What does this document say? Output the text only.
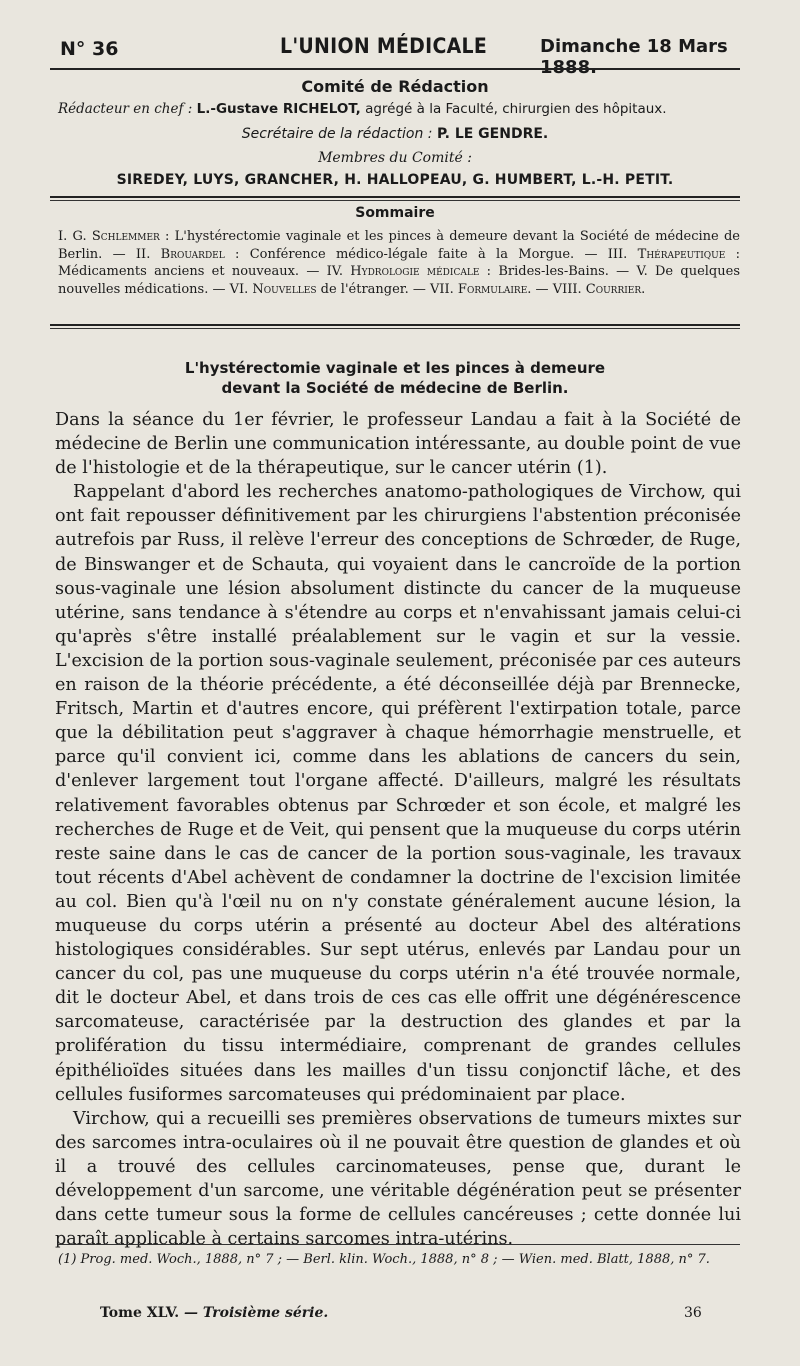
N° 36	L'UNION MÉDICALE	Dimanche 18 Mars 1888.
Comité de Rédaction
Rédacteur en chef : L.-Gustave RICHELOT, agrégé à la Faculté, chirurgien des hôpitaux.
Secrétaire de la rédaction : P. LE GENDRE.
Membres du Comité :
SIREDEY, LUYS, GRANCHER, H. HALLOPEAU, G. HUMBERT, L.-H. PETIT.
Sommaire
I. G. Schlemmer : L'hystérectomie vaginale et les pinces à demeure devant la Société de médecine de Berlin. — II. Brouardel : Conférence médico-légale faite à la Morgue. — III. Thérapeutique : Médicaments anciens et nouveaux. — IV. Hydrologie médicale : Brides-les-Bains. — V. De quelques nouvelles médications. — VI. Nouvelles de l'étranger. — VII. Formulaire. — VIII. Courrier.
L'hystérectomie vaginale et les pinces à demeure
devant la Société de médecine de Berlin.

Dans la séance du 1er février, le professeur Landau a fait à la Société de médecine de Berlin une communication intéressante, au double point de vue de l'histologie et de la thérapeutique, sur le cancer utérin (1).

Rappelant d'abord les recherches anatomo-pathologiques de Virchow, qui ont fait repousser définitivement par les chirurgiens l'abstention préconisée autrefois par Russ, il relève l'erreur des conceptions de Schrœder, de Ruge, de Binswanger et de Schauta, qui voyaient dans le cancroïde de la portion sous-vaginale une lésion absolument distincte du cancer de la muqueuse utérine, sans tendance à s'étendre au corps et n'envahissant jamais celui-ci qu'après s'être installé préalablement sur le vagin et sur la vessie. L'excision de la portion sous-vaginale seulement, préconisée par ces auteurs en raison de la théorie précédente, a été déconseillée déjà par Brennecke, Fritsch, Martin et d'autres encore, qui préfèrent l'extirpation totale, parce que la débilitation peut s'aggraver à chaque hémorrhagie menstruelle, et parce qu'il convient ici, comme dans les ablations de cancers du sein, d'enlever largement tout l'organe affecté. D'ailleurs, malgré les résultats relativement favorables obtenus par Schrœder et son école, et malgré les recherches de Ruge et de Veit, qui pensent que la muqueuse du corps utérin reste saine dans le cas de cancer de la portion sous-vaginale, les travaux tout récents d'Abel achèvent de condamner la doctrine de l'excision limitée au col. Bien qu'à l'œil nu on n'y constate généralement aucune lésion, la muqueuse du corps utérin a présenté au docteur Abel des altérations histologiques considérables. Sur sept utérus, enlevés par Landau pour un cancer du col, pas une muqueuse du corps utérin n'a été trouvée normale, dit le docteur Abel, et dans trois de ces cas elle offrit une dégénérescence sarcomateuse, caractérisée par la destruction des glandes et par la prolifération du tissu intermédiaire, comprenant de grandes cellules épithélioïdes situées dans les mailles d'un tissu conjonctif lâche, et des cellules fusiformes sarcomateuses qui prédominaient par place.

Virchow, qui a recueilli ses premières observations de tumeurs mixtes sur des sarcomes intra-oculaires où il ne pouvait être question de glandes et où il a trouvé des cellules carcinomateuses, pense que, durant le développement d'un sarcome, une véritable dégénération peut se présenter dans cette tumeur sous la forme de cellules cancéreuses ; cette donnée lui paraît applicable à certains sarcomes intra-utérins.

(1) Prog. med. Woch., 1888, n° 7 ; — Berl. klin. Woch., 1888, n° 8 ; — Wien. med. Blatt, 1888, n° 7.
Tome XLV. — Troisième série.	36
